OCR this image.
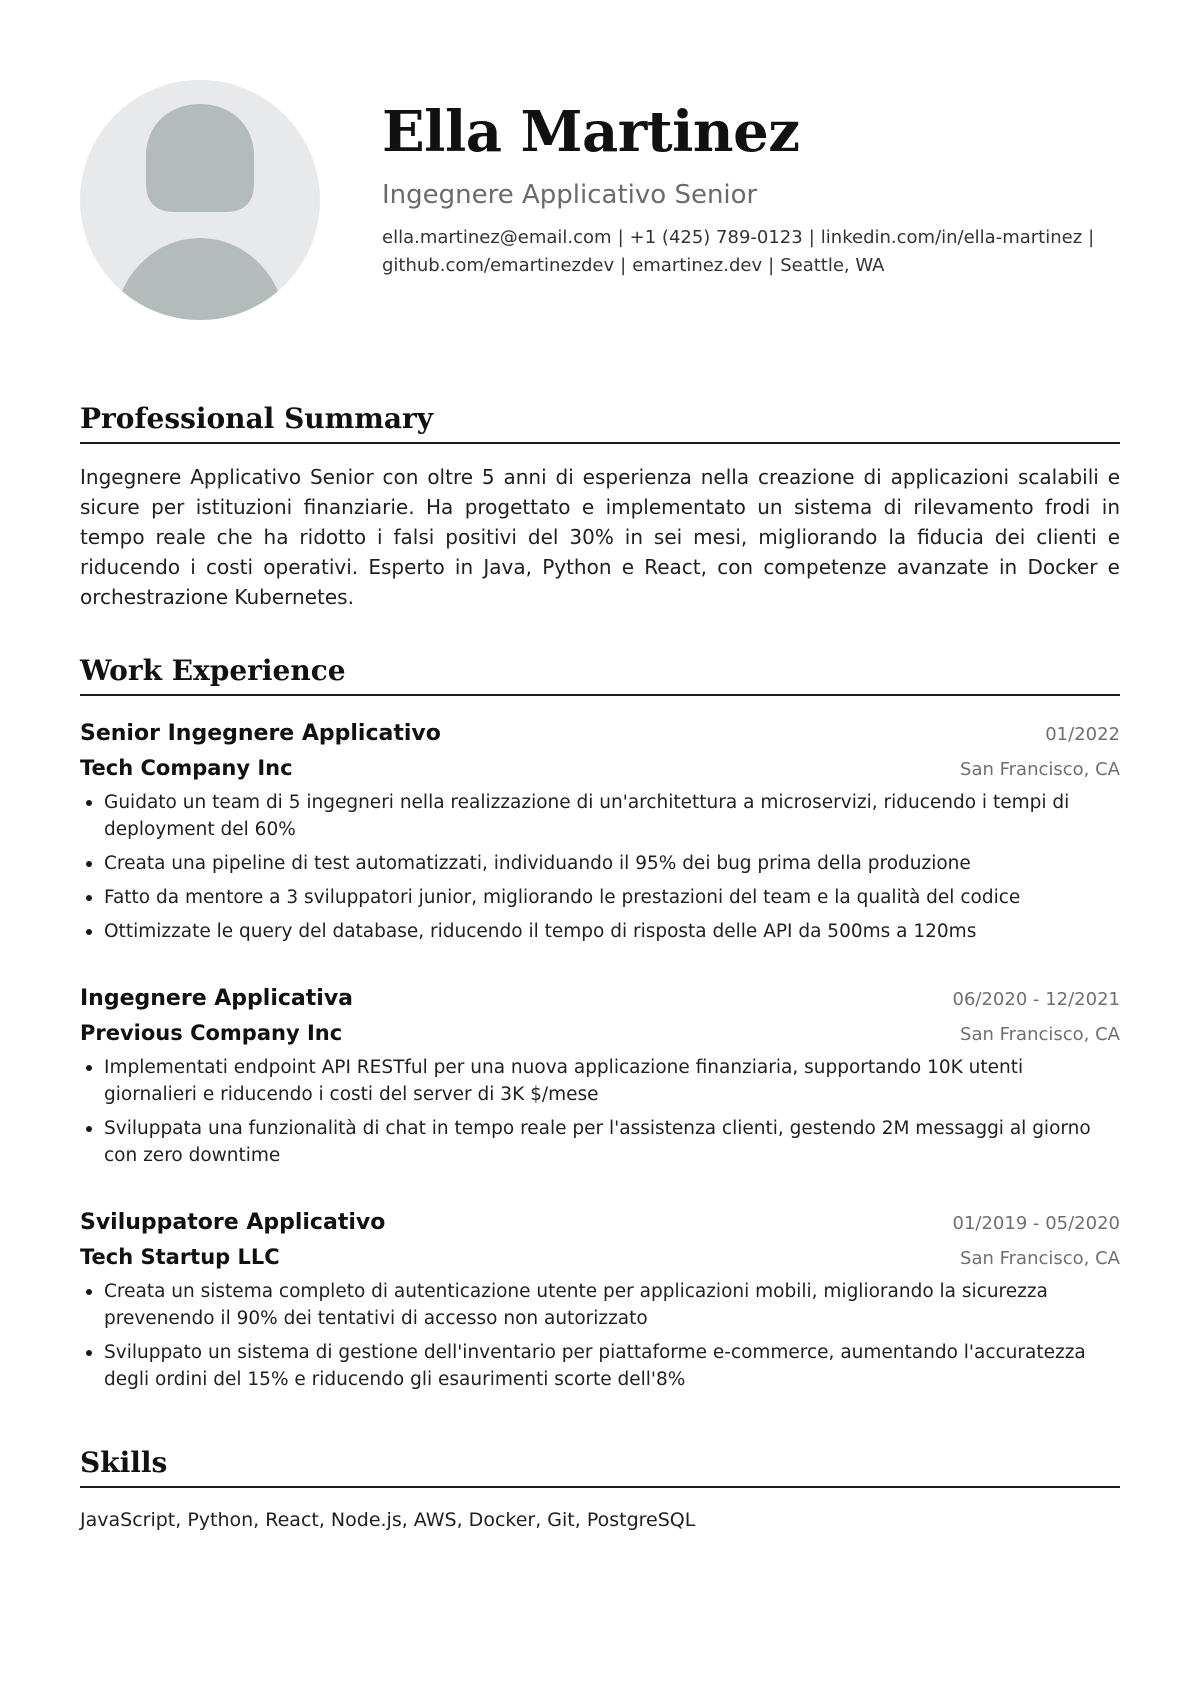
Ella Martinez
Ingegnere Applicativo Senior
ella.martinez@email.com | +1 (425) 789-0123 | linkedin.com/in/ella-martinez |
github.com/emartinezdev | emartinez.dev | Seattle, WA
Professional Summary
Ingegnere Applicativo Senior con oltre 5 anni di esperienza nella creazione di applicazioni scalabili e sicure per istituzioni finanziarie. Ha progettato e implementato un sistema di rilevamento frodi in tempo reale che ha ridotto i falsi positivi del 30% in sei mesi, migliorando la fiducia dei clienti e riducendo i costi operativi. Esperto in Java, Python e React, con competenze avanzate in Docker e orchestrazione Kubernetes.
Work Experience
Senior Ingegnere Applicativo	01/2022
Tech Company Inc	San Francisco, CA
Guidato un team di 5 ingegneri nella realizzazione di un'architettura a microservizi, riducendo i tempi di deployment del 60%
Creata una pipeline di test automatizzati, individuando il 95% dei bug prima della produzione
Fatto da mentore a 3 sviluppatori junior, migliorando le prestazioni del team e la qualità del codice
Ottimizzate le query del database, riducendo il tempo di risposta delle API da 500ms a 120ms
Ingegnere Applicativa	06/2020 - 12/2021
Previous Company Inc	San Francisco, CA
Implementati endpoint API RESTful per una nuova applicazione finanziaria, supportando 10K utenti giornalieri e riducendo i costi del server di 3K $/mese
Sviluppata una funzionalità di chat in tempo reale per l'assistenza clienti, gestendo 2M messaggi al giorno con zero downtime
Sviluppatore Applicativo	01/2019 - 05/2020
Tech Startup LLC	San Francisco, CA
Creata un sistema completo di autenticazione utente per applicazioni mobili, migliorando la sicurezza prevenendo il 90% dei tentativi di accesso non autorizzato
Sviluppato un sistema di gestione dell'inventario per piattaforme e-commerce, aumentando l'accuratezza degli ordini del 15% e riducendo gli esaurimenti scorte dell'8%
Skills
JavaScript, Python, React, Node.js, AWS, Docker, Git, PostgreSQL
